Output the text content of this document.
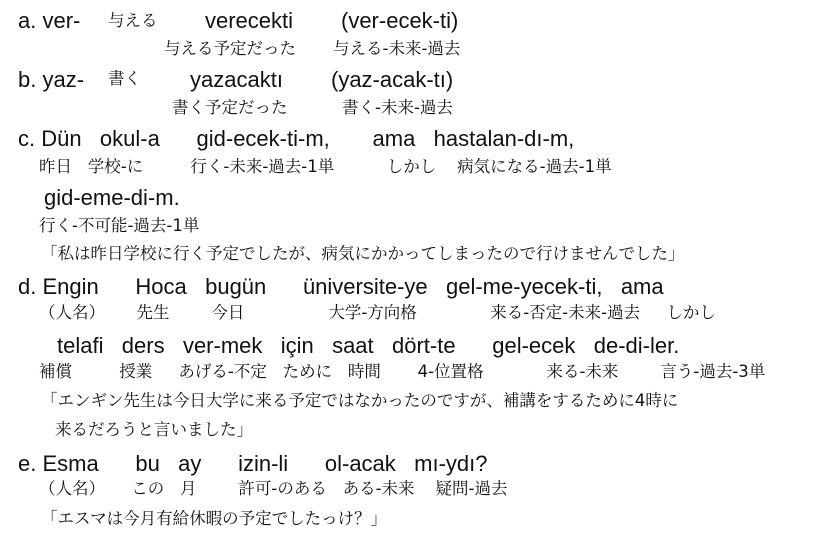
a. ver- 与える verecekti (ver-ecek-ti)
与える予定だった 与える-未来-過去
b. yaz- 書く yazacaktı (yaz-acak-tı)
書く予定だった	書く-未来-過去
c. Dün   okul-a      gid-ecek-ti-m,       ama   hastalan-dı-m,
昨日   学校-に         行く-未来-過去-1単          しかし    病気になる-過去-1単
gid-eme-di-m.
行く-不可能-過去-1単
「私は昨日学校に行く予定でしたが、病気にかかってしまったので行けませんでした」
d. Engin      Hoca   bugün      üniversite-ye   gel-me-yecek-ti,   ama
（人名）      先生        今日                大学-方向格              来る-否定-未来-過去     しかし
telafi   ders   ver-mek   için   saat   dört-te      gel-ecek   de-di-ler.
補償         授業     あげる-不定   ために   時間       4-位置格            来る-未来        言う-過去-3単
「エンギン先生は今日大学に来る予定ではなかったのですが、補講をするために4時に
来るだろうと言いました」
e. Esma      bu   ay      izin-li      ol-acak   mı-ydı?
（人名）     この   月        許可-のある   ある-未来    疑問-過去
「エスマは今月有給休暇の予定でしたっけ？」
